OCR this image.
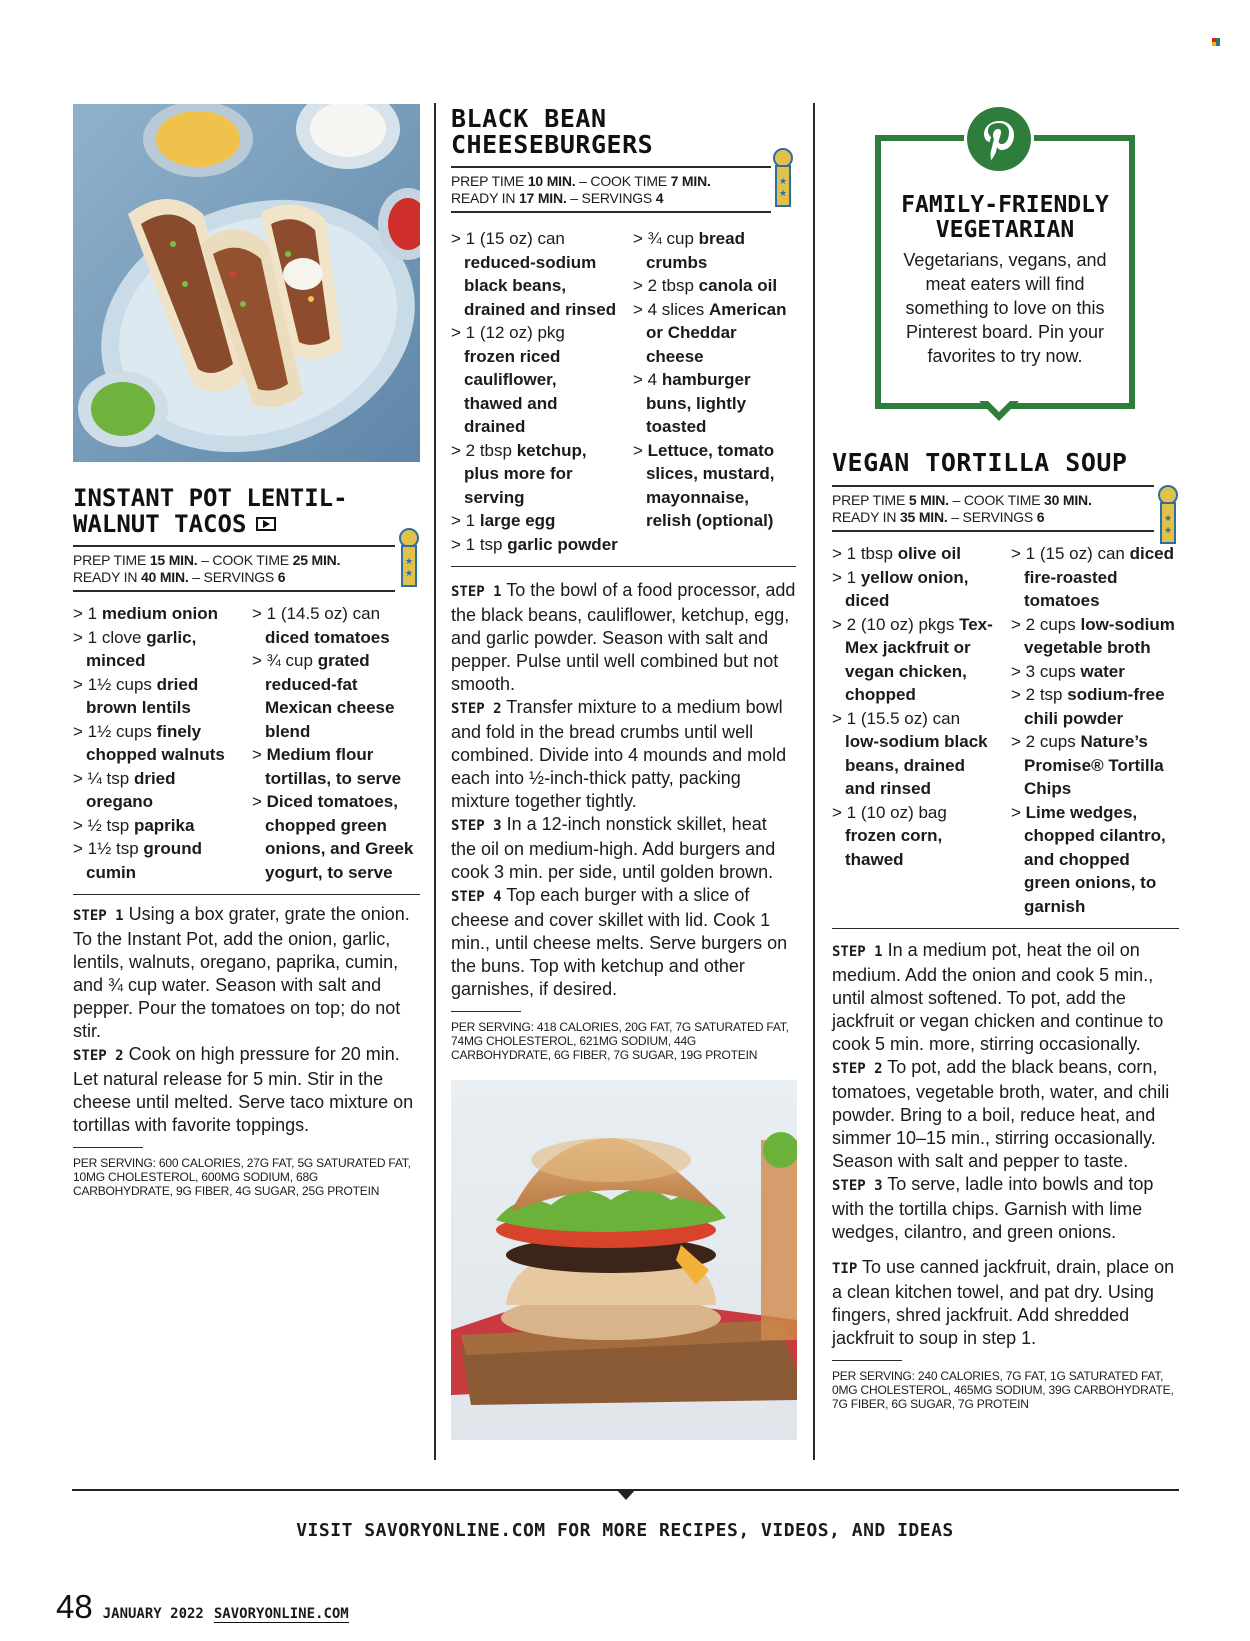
INSTANT POT LENTIL-
WALNUT TACOS
PREP TIME 15 MIN. – COOK TIME 25 MIN.
READY IN 40 MIN. – SERVINGS 6
> 1 medium onion
> 1 clove garlic, minced
> 1½ cups dried brown lentils
> 1½ cups finely chopped walnuts
> ¼ tsp dried oregano
> ½ tsp paprika
> 1½ tsp ground cumin
> 1 (14.5 oz) can diced tomatoes
> ¾ cup grated reduced-fat Mexican cheese blend
> Medium flour tortillas, to serve
> Diced tomatoes, chopped green onions, and Greek yogurt, to serve

STEP 1 Using a box grater, grate the onion. To the Instant Pot, add the onion, garlic, lentils, walnuts, oregano, paprika, cumin, and ¾ cup water. Season with salt and pepper. Pour the tomatoes on top; do not stir.

STEP 2 Cook on high pressure for 20 min. Let natural release for 5 min. Stir in the cheese until melted. Serve taco mixture on tortillas with favorite toppings.

PER SERVING: 600 CALORIES, 27G FAT, 5G SATURATED FAT, 10MG CHOLESTEROL, 600MG SODIUM, 68G CARBOHYDRATE, 9G FIBER, 4G SUGAR, 25G PROTEIN
BLACK BEAN
CHEESEBURGERS
PREP TIME 10 MIN. – COOK TIME 7 MIN.
READY IN 17 MIN. – SERVINGS 4
> 1 (15 oz) can reduced-sodium black beans, drained and rinsed
> 1 (12 oz) pkg frozen riced cauliflower, thawed and drained
> 2 tbsp ketchup, plus more for serving
> 1 large egg
> 1 tsp garlic powder
> ¾ cup bread crumbs
> 2 tbsp canola oil
> 4 slices American or Cheddar cheese
> 4 hamburger buns, lightly toasted
> Lettuce, tomato slices, mustard, mayonnaise, relish (optional)

STEP 1 To the bowl of a food processor, add the black beans, cauliflower, ketchup, egg, and garlic powder. Season with salt and pepper. Pulse until well combined but not smooth.

STEP 2 Transfer mixture to a medium bowl and fold in the bread crumbs until well combined. Divide into 4 mounds and mold each into ½-inch-thick patty, packing mixture together tightly.

STEP 3 In a 12-inch nonstick skillet, heat the oil on medium-high. Add burgers and cook 3 min. per side, until golden brown.

STEP 4 Top each burger with a slice of cheese and cover skillet with lid. Cook 1 min., until cheese melts. Serve burgers on the buns. Top with ketchup and other garnishes, if desired.

PER SERVING: 418 CALORIES, 20G FAT, 7G SATURATED FAT, 74MG CHOLESTEROL, 621MG SODIUM, 44G CARBOHYDRATE, 6G FIBER, 7G SUGAR, 19G PROTEIN
★
★
★
★
★
★
FAMILY-FRIENDLY
VEGETARIAN

Vegetarians, vegans, and meat eaters will find something to love on this Pinterest board. Pin your favorites to try now.

VEGAN TORTILLA SOUP
PREP TIME 5 MIN. – COOK TIME 30 MIN.
READY IN 35 MIN. – SERVINGS 6
> 1 tbsp olive oil
> 1 yellow onion, diced
> 2 (10 oz) pkgs Tex-Mex jackfruit or vegan chicken, chopped
> 1 (15.5 oz) can low-sodium black beans, drained and rinsed
> 1 (10 oz) bag frozen corn, thawed
> 1 (15 oz) can diced fire-roasted tomatoes
> 2 cups low-sodium vegetable broth
> 3 cups water
> 2 tsp sodium-free chili powder
> 2 cups Nature’s Promise® Tortilla Chips
> Lime wedges, chopped cilantro, and chopped green onions, to garnish

STEP 1 In a medium pot, heat the oil on medium. Add the onion and cook 5 min., until almost softened. To pot, add the jackfruit or vegan chicken and continue to cook 5 min. more, stirring occasionally.

STEP 2 To pot, add the black beans, corn, tomatoes, vegetable broth, water, and chili powder. Bring to a boil, reduce heat, and simmer 10–15 min., stirring occasionally. Season with salt and pepper to taste.

STEP 3 To serve, ladle into bowls and top with the tortilla chips. Garnish with lime wedges, cilantro, and green onions.

TIP To use canned jackfruit, drain, place on a clean kitchen towel, and pat dry. Using fingers, shred jackfruit. Add shredded jackfruit to soup in step 1.

PER SERVING: 240 CALORIES, 7G FAT, 1G SATURATED FAT, 0MG CHOLESTEROL, 465MG SODIUM, 39G CARBOHYDRATE, 7G FIBER, 6G SUGAR, 7G PROTEIN
VISIT SAVORYONLINE.COM FOR MORE RECIPES, VIDEOS, AND IDEAS
48 JANUARY 2022 SAVORYONLINE.COM
